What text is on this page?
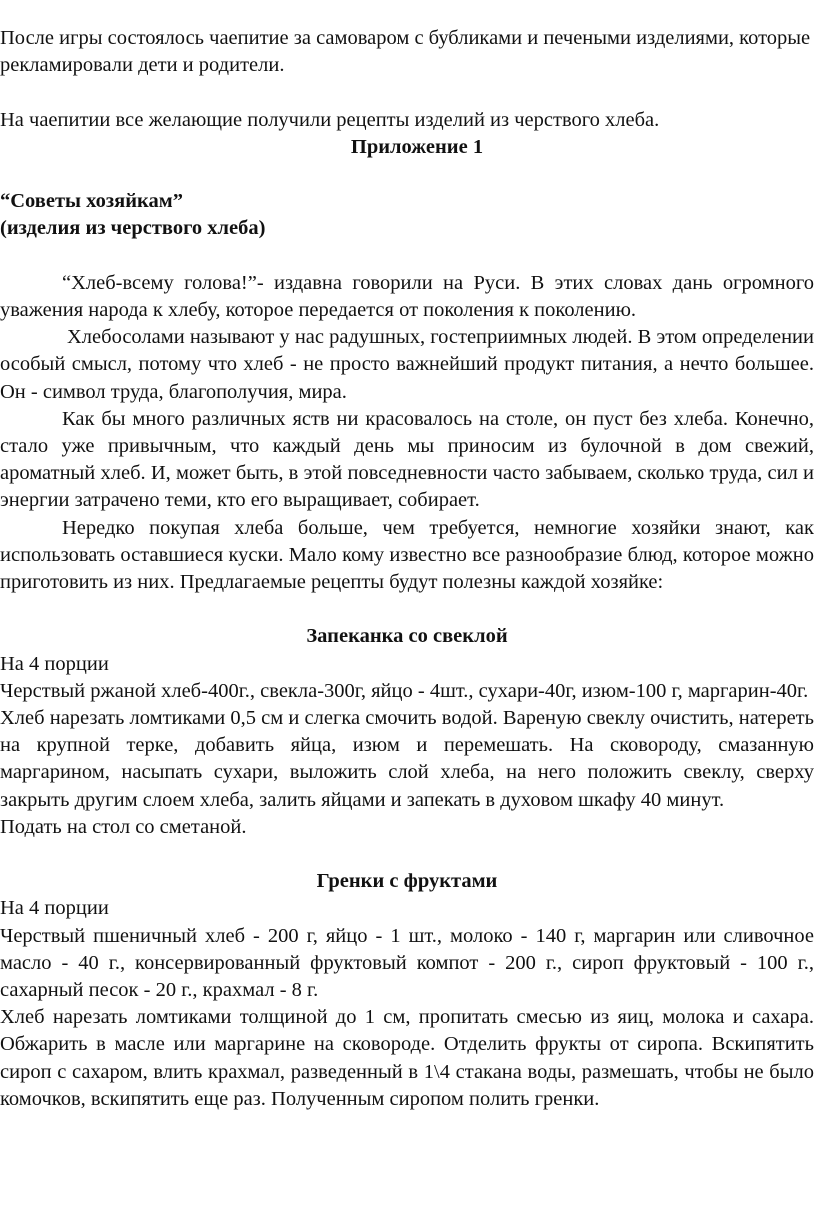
После игры состоялось чаепитие за самоваром с бубликами и печеными изделиями, которые рекламировали дети и родители.

На чаепитии все желающие получили рецепты изделий из черствого хлеба.

Приложение 1

“Советы хозяйкам”

(изделия из черствого хлеба)

“Хлеб-всему голова!”- издавна говорили на Руси. В этих словах дань огромного уважения народа к хлебу, которое передается от поколения к поколению.

Хлебосолами называют у нас радушных, гостеприимных людей. В этом определении особый смысл, потому что хлеб - не просто важнейший продукт питания, а нечто большее. Он - символ труда, благополучия, мира.

Как бы много различных яств ни красовалось на столе, он пуст без хлеба. Конечно, стало уже привычным, что каждый день мы приносим из булочной в дом свежий, ароматный хлеб. И, может быть, в этой повседневности часто забываем, сколько труда, сил и энергии затрачено теми, кто его выращивает, собирает.

Нередко покупая хлеба больше, чем требуется, немногие хозяйки знают, как использовать оставшиеся куски. Мало кому известно все разнообразие блюд, которое можно приготовить из них. Предлагаемые рецепты будут полезны каждой хозяйке:

Запеканка со свеклой

На 4 порции

Черствый ржаной хлеб-400г., свекла-300г, яйцо - 4шт., сухари-40г, изюм-100 г, маргарин-40г.

Хлеб нарезать ломтиками 0,5 см и слегка смочить водой. Вареную свеклу очистить, натереть на крупной терке, добавить яйца, изюм и перемешать. На сковороду, смазанную маргарином, насыпать сухари, выложить слой хлеба, на него положить свеклу, сверху закрыть другим слоем хлеба, залить яйцами и запекать в духовом шкафу 40 минут.

Подать на стол со сметаной.

Гренки с фруктами

На 4 порции

Черствый пшеничный хлеб - 200 г, яйцо - 1 шт., молоко - 140 г, маргарин или сливочное масло - 40 г., консервированный фруктовый компот - 200 г., сироп фруктовый - 100 г., сахарный песок - 20 г., крахмал - 8 г.

Хлеб нарезать ломтиками толщиной до 1 см, пропитать смесью из яиц, молока и сахара. Обжарить в масле или маргарине на сковороде. Отделить фрукты от сиропа. Вскипятить сироп с сахаром, влить крахмал, разведенный в 1\4 стакана воды, размешать, чтобы не было комочков, вскипятить еще раз. Полученным сиропом полить гренки.
